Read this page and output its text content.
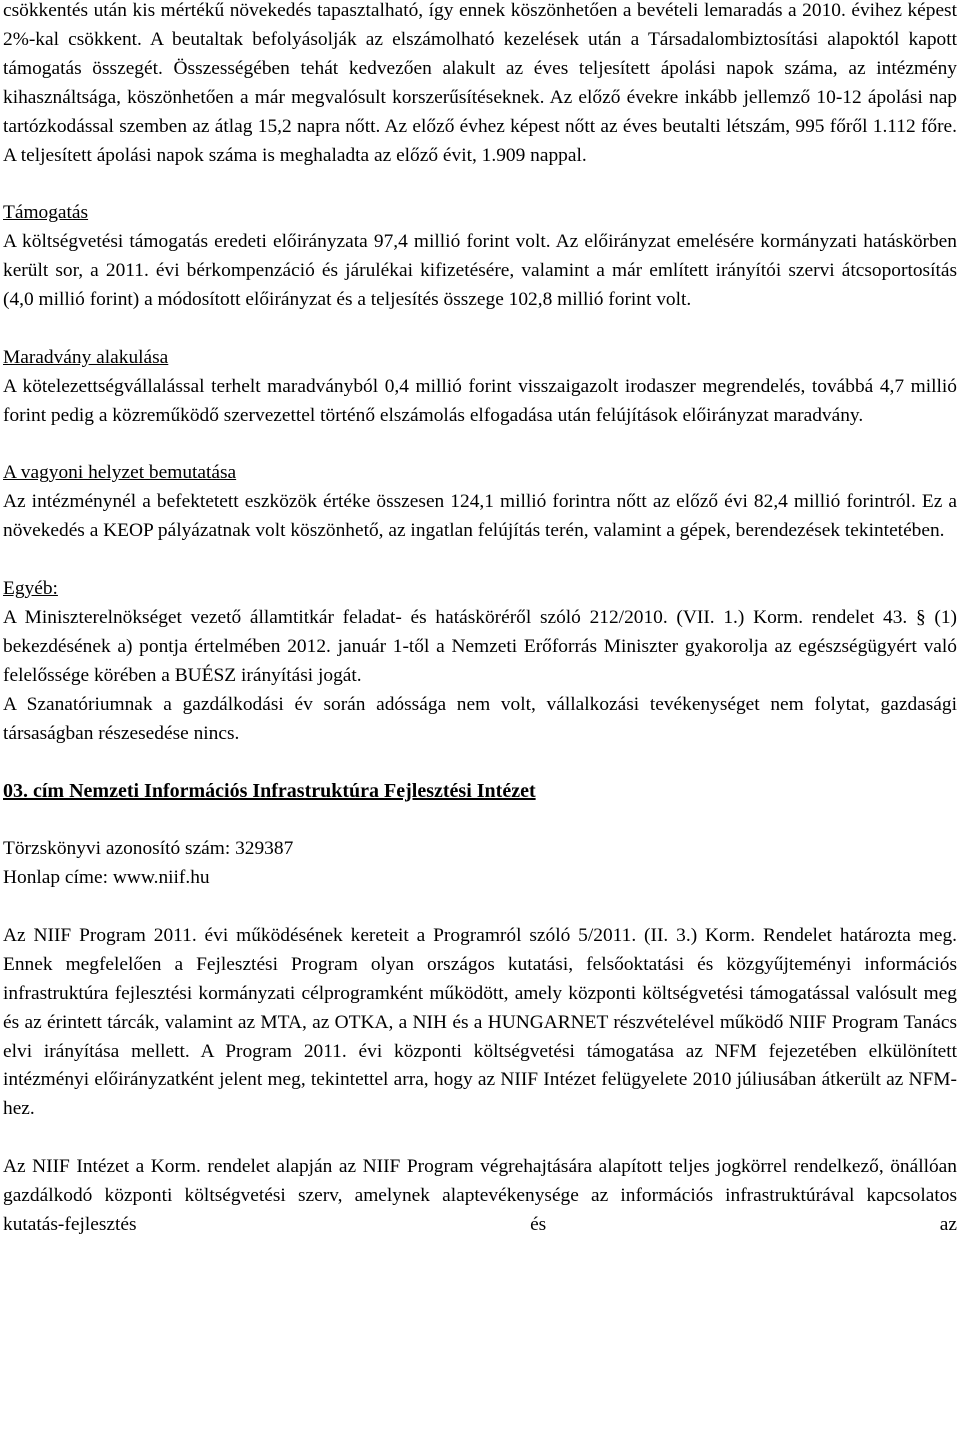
csökkentés után kis mértékű növekedés tapasztalható, így ennek köszönhetően a bevételi lemaradás a 2010. évihez képest 2%-kal csökkent. A beutaltak befolyásolják az elszámolható kezelések után a Társadalombiztosítási alapoktól kapott támogatás összegét. Összességében tehát kedvezően alakult az éves teljesített ápolási napok száma, az intézmény kihasználtsága, köszönhetően a már megvalósult korszerűsítéseknek. Az előző évekre inkább jellemző 10-12 ápolási nap tartózkodással szemben az átlag 15,2 napra nőtt. Az előző évhez képest nőtt az éves beutalti létszám, 995 főről 1.112 főre. A teljesített ápolási napok száma is meghaladta az előző évit, 1.909 nappal.

Támogatás

A költségvetési támogatás eredeti előirányzata 97,4 millió forint volt. Az előirányzat emelésére kormányzati hatáskörben került sor, a 2011. évi bérkompenzáció és járulékai kifizetésére, valamint a már említett irányítói szervi átcsoportosítás (4,0 millió forint) a módosított előirányzat és a teljesítés összege 102,8 millió forint volt.

Maradvány alakulása

A kötelezettségvállalással terhelt maradványból 0,4 millió forint visszaigazolt irodaszer megrendelés, továbbá 4,7 millió forint pedig a közreműködő szervezettel történő elszámolás elfogadása után felújítások előirányzat maradvány.

A vagyoni helyzet bemutatása

Az intézménynél a befektetett eszközök értéke összesen 124,1 millió forintra nőtt az előző évi 82,4 millió forintról. Ez a növekedés a KEOP pályázatnak volt köszönhető, az ingatlan felújítás terén, valamint a gépek, berendezések tekintetében.

Egyéb:

A Miniszterelnökséget vezető államtitkár feladat- és hatásköréről szóló 212/2010. (VII. 1.) Korm. rendelet 43. § (1) bekezdésének a) pontja értelmében 2012. január 1-től a Nemzeti Erőforrás Miniszter gyakorolja az egészségügyért való felelőssége körében a BUÉSZ irányítási jogát.

A Szanatóriumnak a gazdálkodási év során adóssága nem volt, vállalkozási tevékenységet nem folytat, gazdasági társaságban részesedése nincs.

03. cím Nemzeti Információs Infrastruktúra Fejlesztési Intézet

Törzskönyvi azonosító szám: 329387

Honlap címe: www.niif.hu

Az NIIF Program 2011. évi működésének kereteit a Programról szóló 5/2011. (II. 3.) Korm. Rendelet határozta meg. Ennek megfelelően a Fejlesztési Program olyan országos kutatási, felsőoktatási és közgyűjteményi információs infrastruktúra fejlesztési kormányzati célprogramként működött, amely központi költségvetési támogatással valósult meg és az érintett tárcák, valamint az MTA, az OTKA, a NIH és a HUNGARNET részvételével működő NIIF Program Tanács elvi irányítása mellett. A Program 2011. évi központi költségvetési támogatása az NFM fejezetében elkülönített intézményi előirányzatként jelent meg, tekintettel arra, hogy az NIIF Intézet felügyelete 2010 júliusában átkerült az NFM-hez.

Az NIIF Intézet a Korm. rendelet alapján az NIIF Program végrehajtására alapított teljes jogkörrel rendelkező, önállóan gazdálkodó központi költségvetési szerv, amelynek alaptevékenysége az információs infrastruktúrával kapcsolatos kutatás-fejlesztés és az
